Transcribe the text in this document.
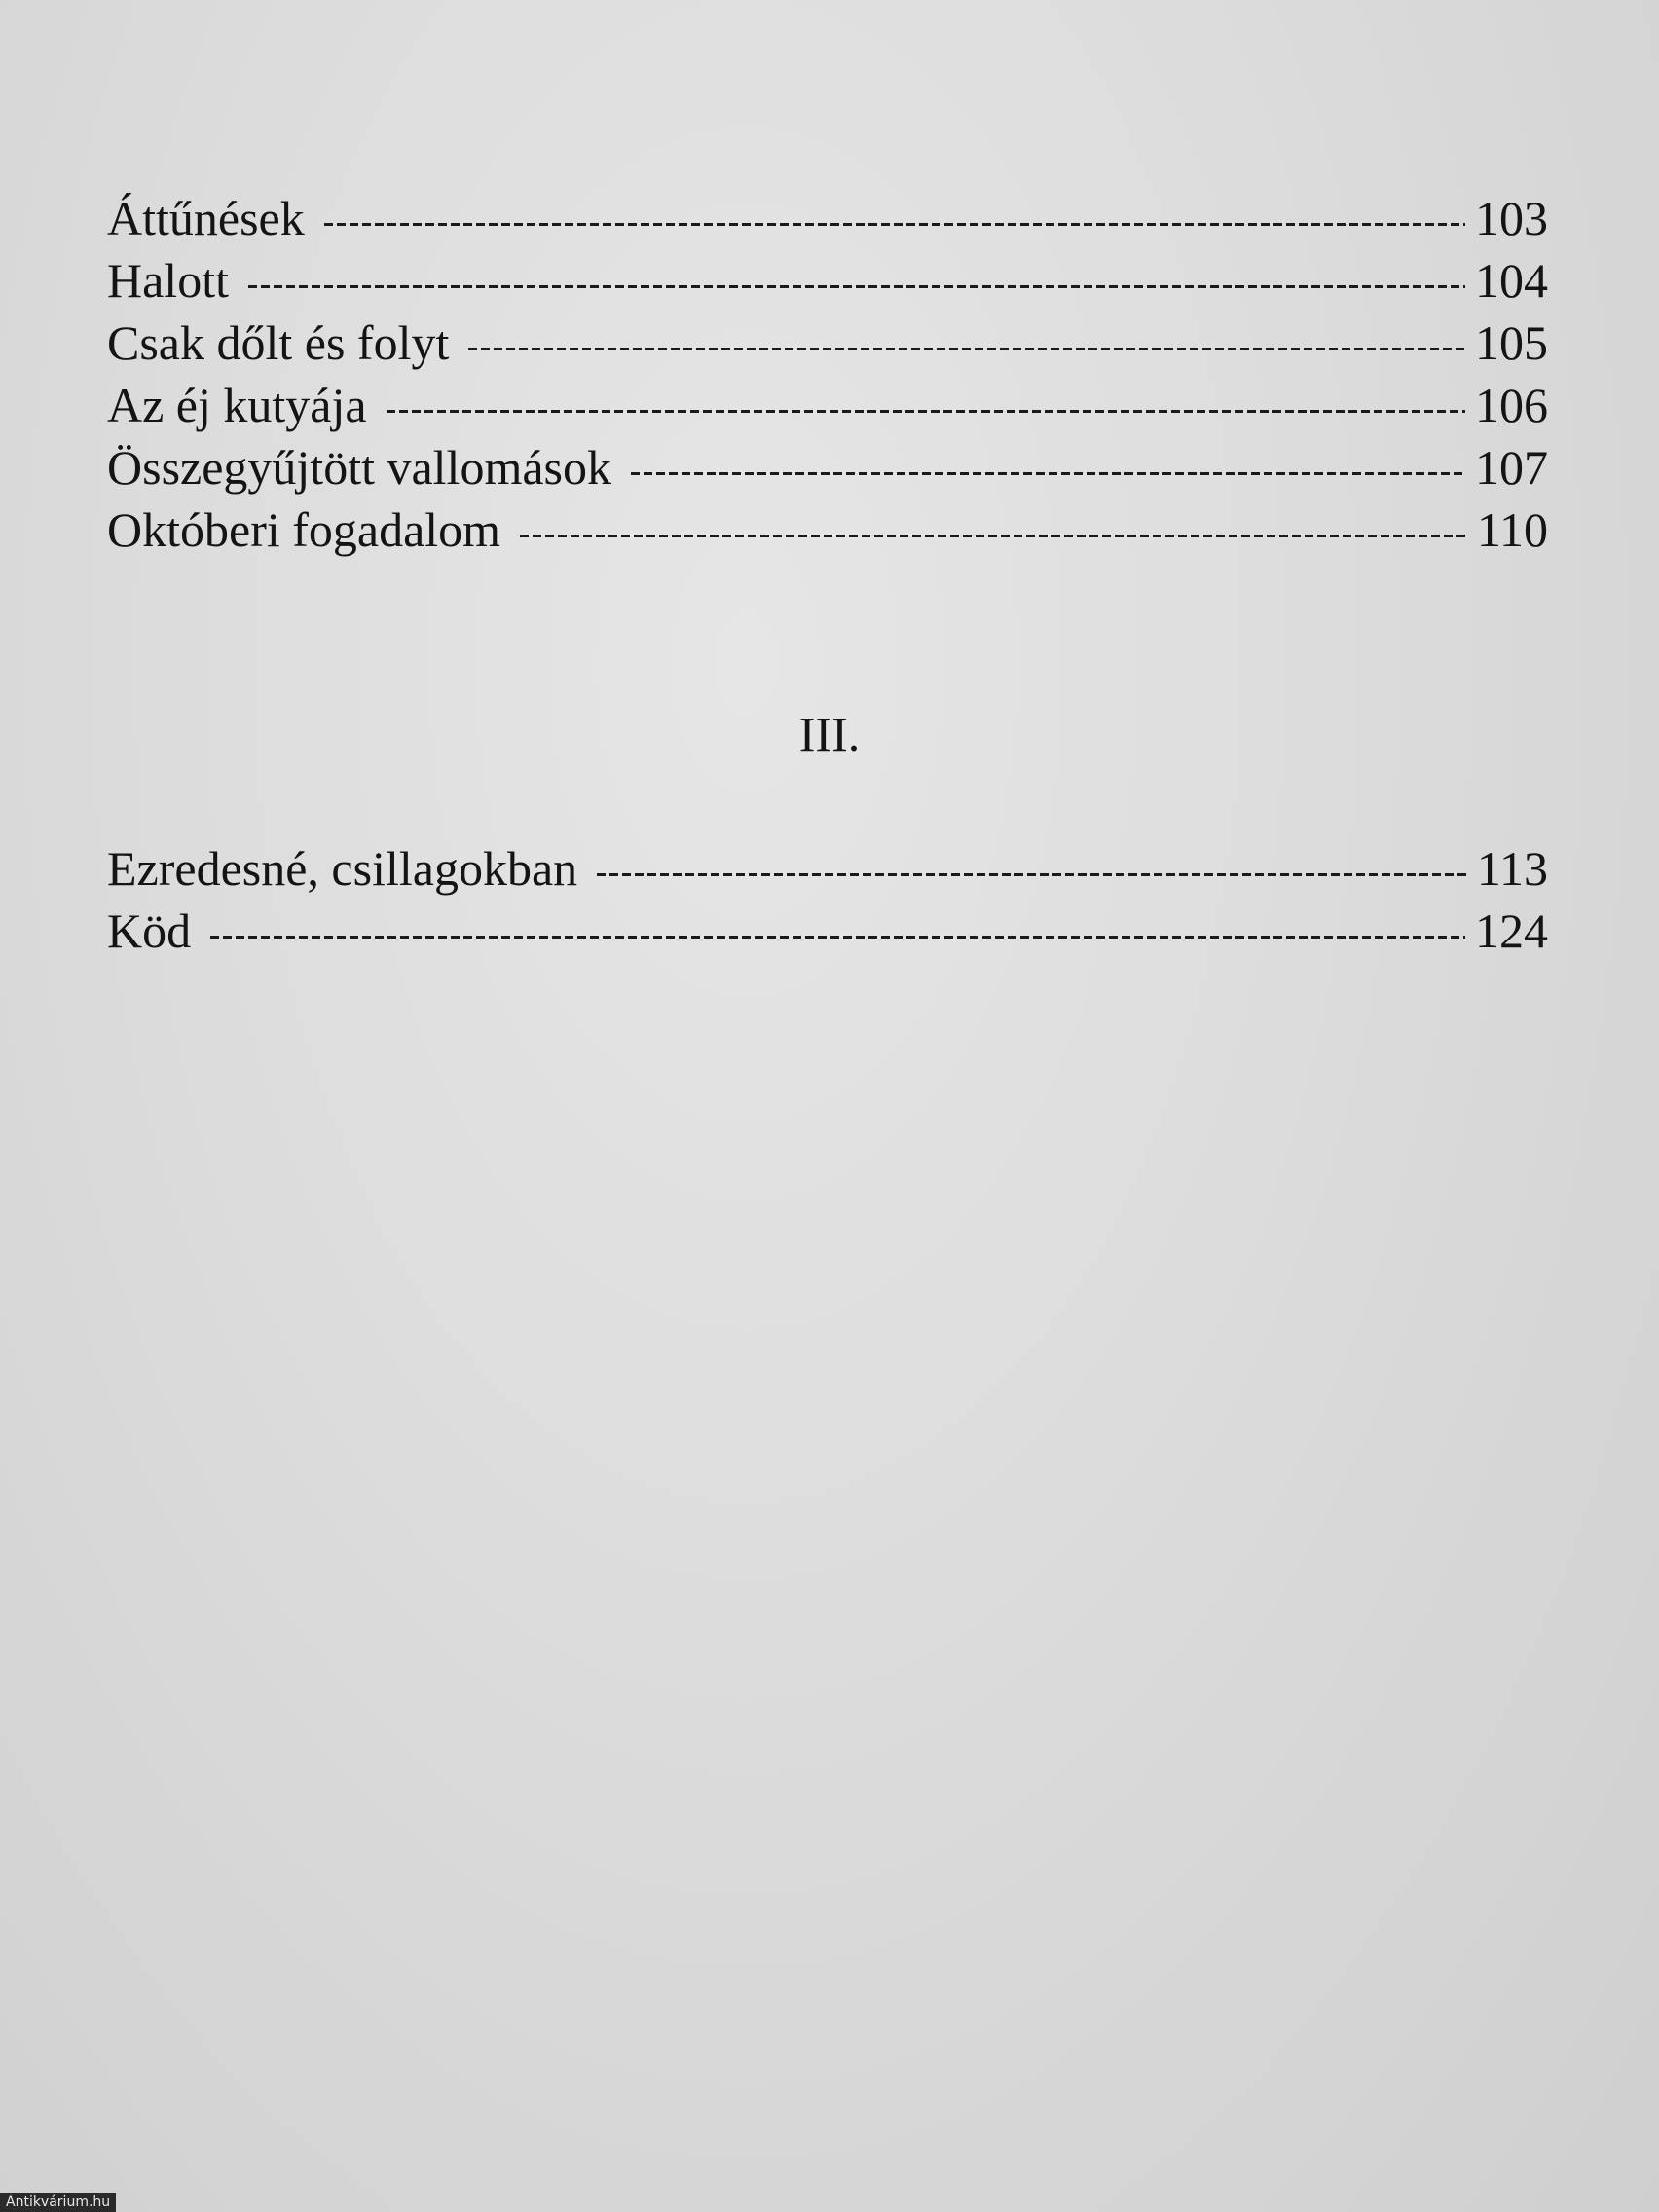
Áttűnések	103
Halott	104
Csak dőlt és folyt	105
Az éj kutyája	106
Összegyűjtött vallomások	107
Októberi fogadalom	110
III.
Ezredesné, csillagokban	113
Köd	124
Antikvárium.hu
